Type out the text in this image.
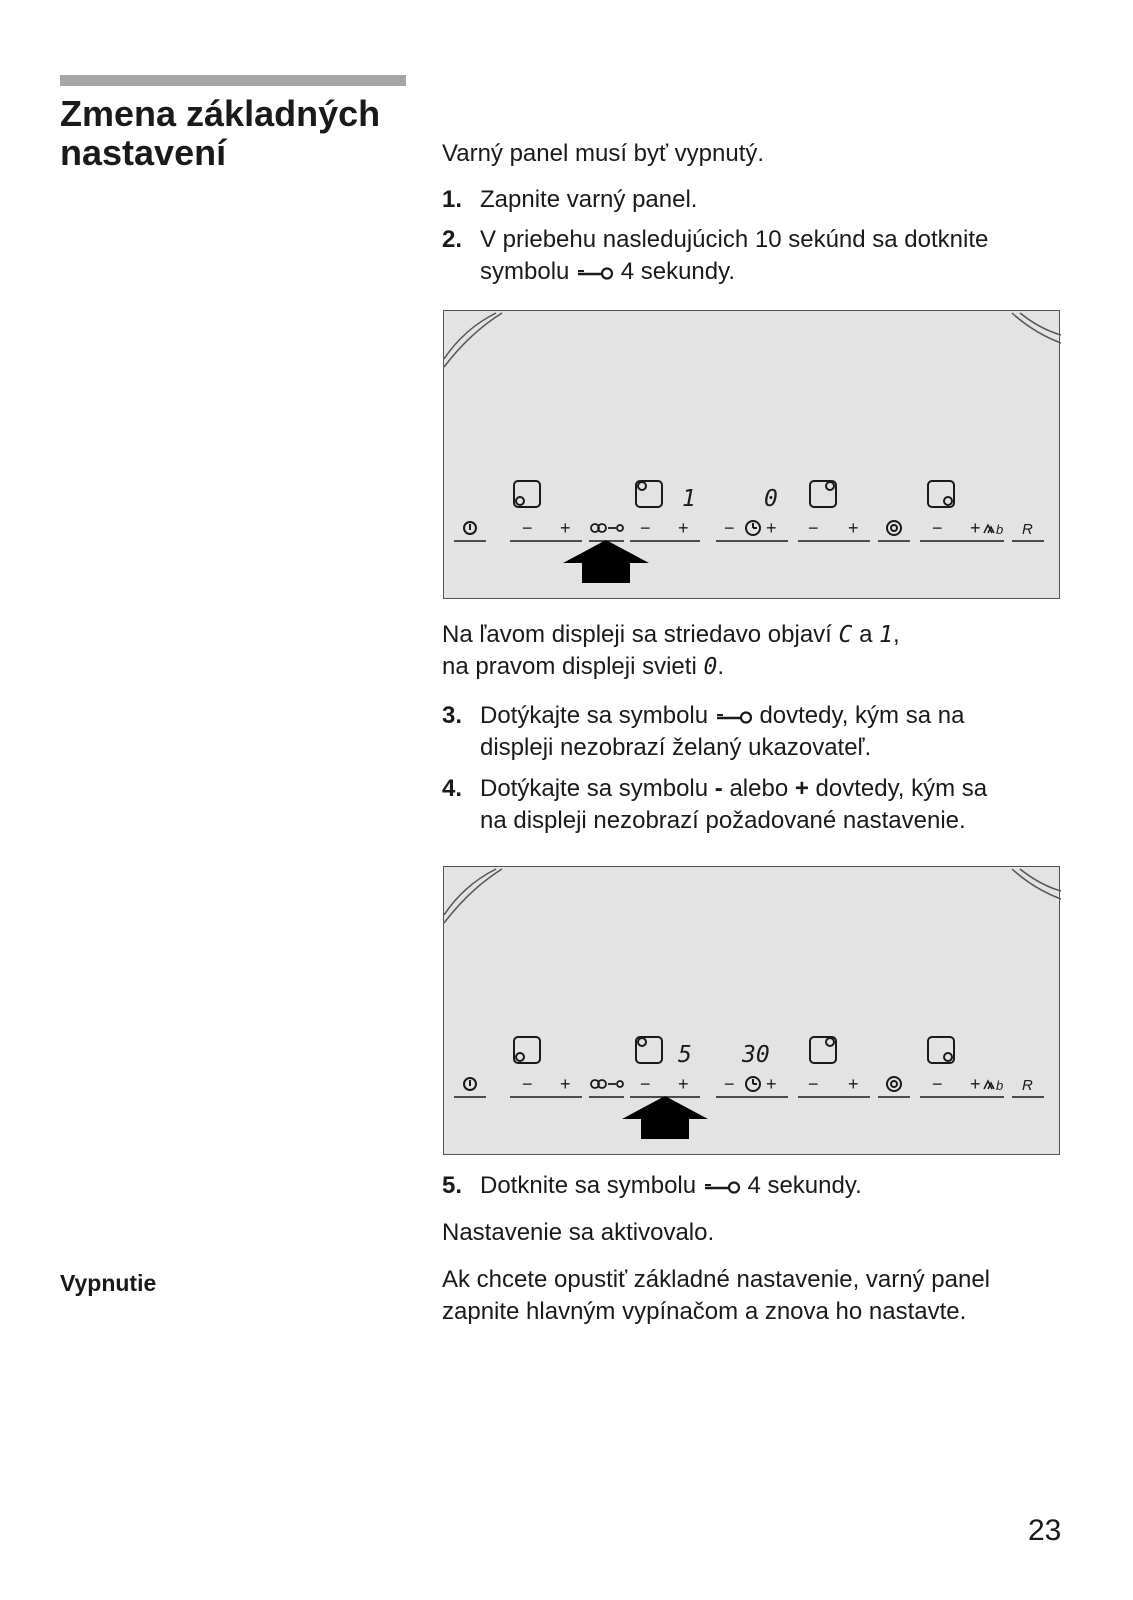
Zmena základných
nastavení	Varný panel musí byť vypnutý.
1. Zapnite varný panel.
2. V priebehu nasledujúcich 10 sekúnd sa dotknite
symbolu 4 sekundy.
1	0
− +	− + − + − +	− + b R
Na ľavom displeji sa striedavo objaví C a 1,
na pravom displeji svieti 0.
3. Dotýkajte sa symbolu dovtedy, kým sa na
displeji nezobrazí želaný ukazovateľ.
4. Dotýkajte sa symbolu - alebo + dovtedy, kým sa
na displeji nezobrazí požadované nastavenie.
5 30
− +	− + − + − +	− + b R
5. Dotknite sa symbolu 4 sekundy.
Nastavenie sa aktivovalo.
Vypnutie	Ak chcete opustiť základné nastavenie, varný panel
zapnite hlavným vypínačom a znova ho nastavte.
23
